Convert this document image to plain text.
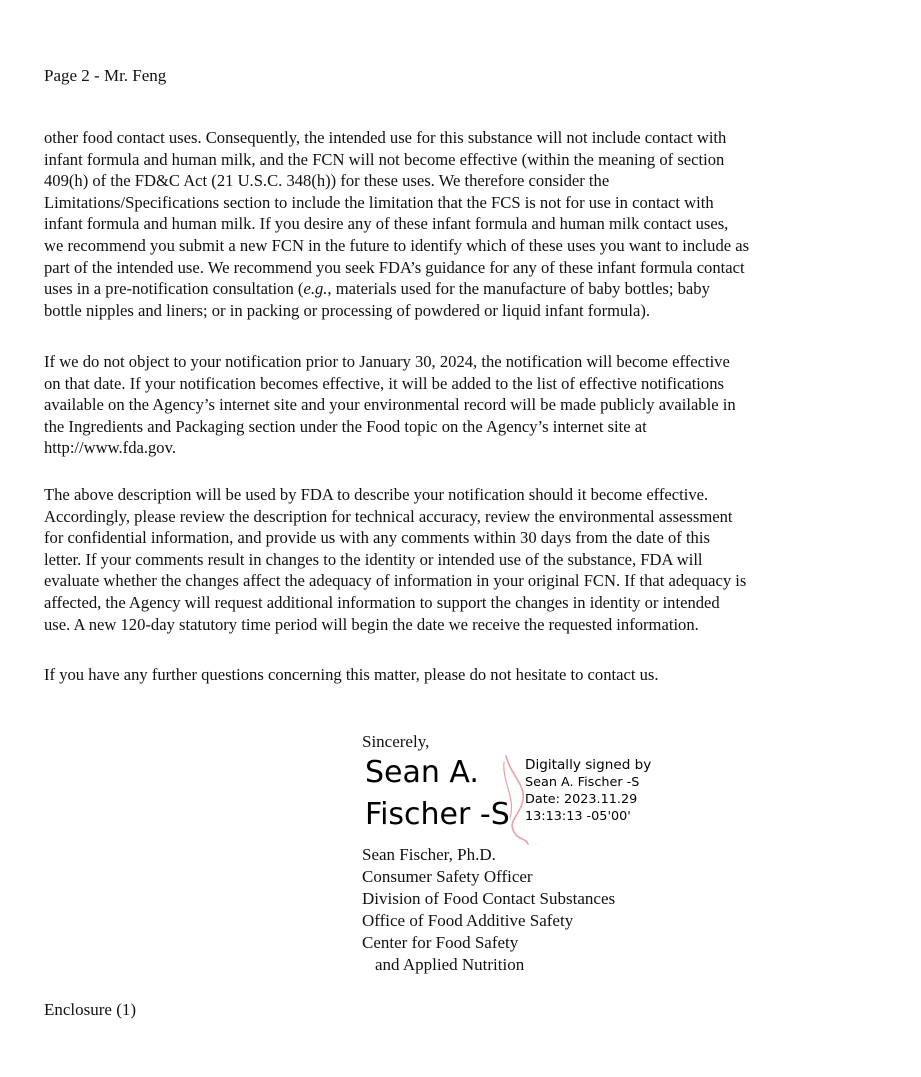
Page 2 - Mr. Feng
other food contact uses. Consequently, the intended use for this substance will not include contact with
infant formula and human milk, and the FCN will not become effective (within the meaning of section
409(h) of the FD&C Act (21 U.S.C. 348(h)) for these uses. We therefore consider the
Limitations/Specifications section to include the limitation that the FCS is not for use in contact with
infant formula and human milk. If you desire any of these infant formula and human milk contact uses,
we recommend you submit a new FCN in the future to identify which of these uses you want to include as
part of the intended use. We recommend you seek FDA’s guidance for any of these infant formula contact
uses in a pre-notification consultation (e.g., materials used for the manufacture of baby bottles; baby
bottle nipples and liners; or in packing or processing of powdered or liquid infant formula).
If we do not object to your notification prior to January 30, 2024, the notification will become effective
on that date. If your notification becomes effective, it will be added to the list of effective notifications
available on the Agency’s internet site and your environmental record will be made publicly available in
the Ingredients and Packaging section under the Food topic on the Agency’s internet site at
http://www.fda.gov.
The above description will be used by FDA to describe your notification should it become effective.
Accordingly, please review the description for technical accuracy, review the environmental assessment
for confidential information, and provide us with any comments within 30 days from the date of this
letter. If your comments result in changes to the identity or intended use of the substance, FDA will
evaluate whether the changes affect the adequacy of information in your original FCN. If that adequacy is
affected, the Agency will request additional information to support the changes in identity or intended
use. A new 120-day statutory time period will begin the date we receive the requested information.
If you have any further questions concerning this matter, please do not hesitate to contact us.
Sincerely,
Sean A.
Fischer -S
Digitally signed by
Sean A. Fischer -S
Date: 2023.11.29
13:13:13 -05'00'
Sean Fischer, Ph.D.
Consumer Safety Officer
Division of Food Contact Substances
Office of Food Additive Safety
Center for Food Safety
and Applied Nutrition
Enclosure (1)
